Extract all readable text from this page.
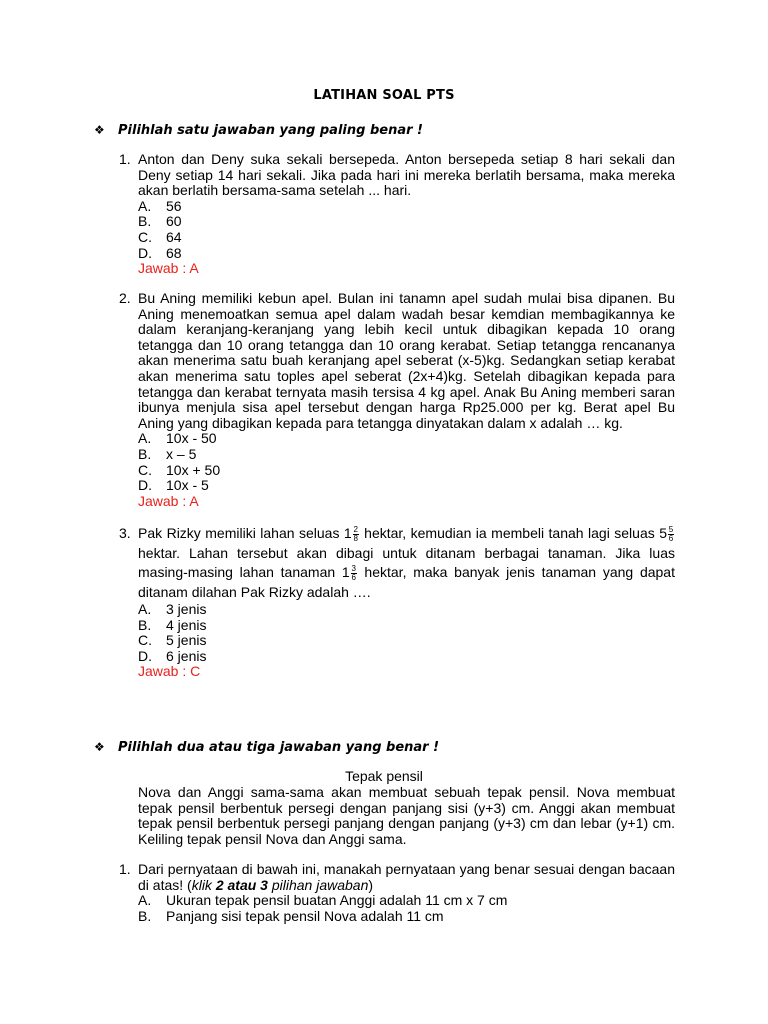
LATIHAN SOAL PTS
❖ Pilihlah satu jawaban yang paling benar !
1. Anton dan Deny suka sekali bersepeda. Anton bersepeda setiap 8 hari sekali dan Deny setiap 14 hari sekali. Jika pada hari ini mereka berlatih bersama, maka mereka akan berlatih bersama-sama setelah ... hari.
A.	56
B.	60
C.	64
D.	68
Jawab : A
2. Bu Aning memiliki kebun apel. Bulan ini tanamn apel sudah mulai bisa dipanen. Bu Aning menemoatkan semua apel dalam wadah besar kemdian membagikannya ke dalam keranjang-keranjang yang lebih kecil untuk dibagikan kepada 10 orang tetangga dan 10 orang tetangga dan 10 orang kerabat. Setiap tetangga rencananya akan menerima satu buah keranjang apel seberat (x-5)kg. Sedangkan setiap kerabat akan menerima satu toples apel seberat (2x+4)kg. Setelah dibagikan kepada para tetangga dan kerabat ternyata masih tersisa 4 kg apel. Anak Bu Aning memberi saran ibunya menjula sisa apel tersebut dengan harga Rp25.000 per kg. Berat apel Bu Aning yang dibagikan kepada para tetangga dinyatakan dalam x adalah … kg.
A.	10x - 50
B.	x – 5
C.	10x + 50
D.	10x - 5
Jawab : A
3. Pak Rizky memiliki lahan seluas $1 \frac{2}{8}$ hektar, kemudian ia membeli tanah lagi seluas $5 \frac{5}{6}$
hektar. Lahan tersebut akan dibagi untuk ditanam berbagai tanaman. Jika luas masing-masing lahan tanaman $1 \frac{3}{6}$ hektar, maka banyak jenis tanaman yang dapat ditanam dilahan Pak Rizky adalah ….
A.	3 jenis
B.	4 jenis
C.	5 jenis
D.	6 jenis
Jawab : C
❖ Pilihlah dua atau tiga jawaban yang benar !
Tepak pensil
Nova dan Anggi sama-sama akan membuat sebuah tepak pensil. Nova membuat tepak pensil berbentuk persegi dengan panjang sisi (y+3) cm. Anggi akan membuat tepak pensil berbentuk persegi panjang dengan panjang (y+3) cm dan lebar (y+1) cm. Keliling tepak pensil Nova dan Anggi sama.
1. Dari pernyataan di bawah ini, manakah pernyataan yang benar sesuai dengan bacaan di atas! (klik 2 atau 3 pilihan jawaban)
A.	Ukuran tepak pensil buatan Anggi adalah 11 cm x 7 cm
B.	Panjang sisi tepak pensil Nova adalah 11 cm
